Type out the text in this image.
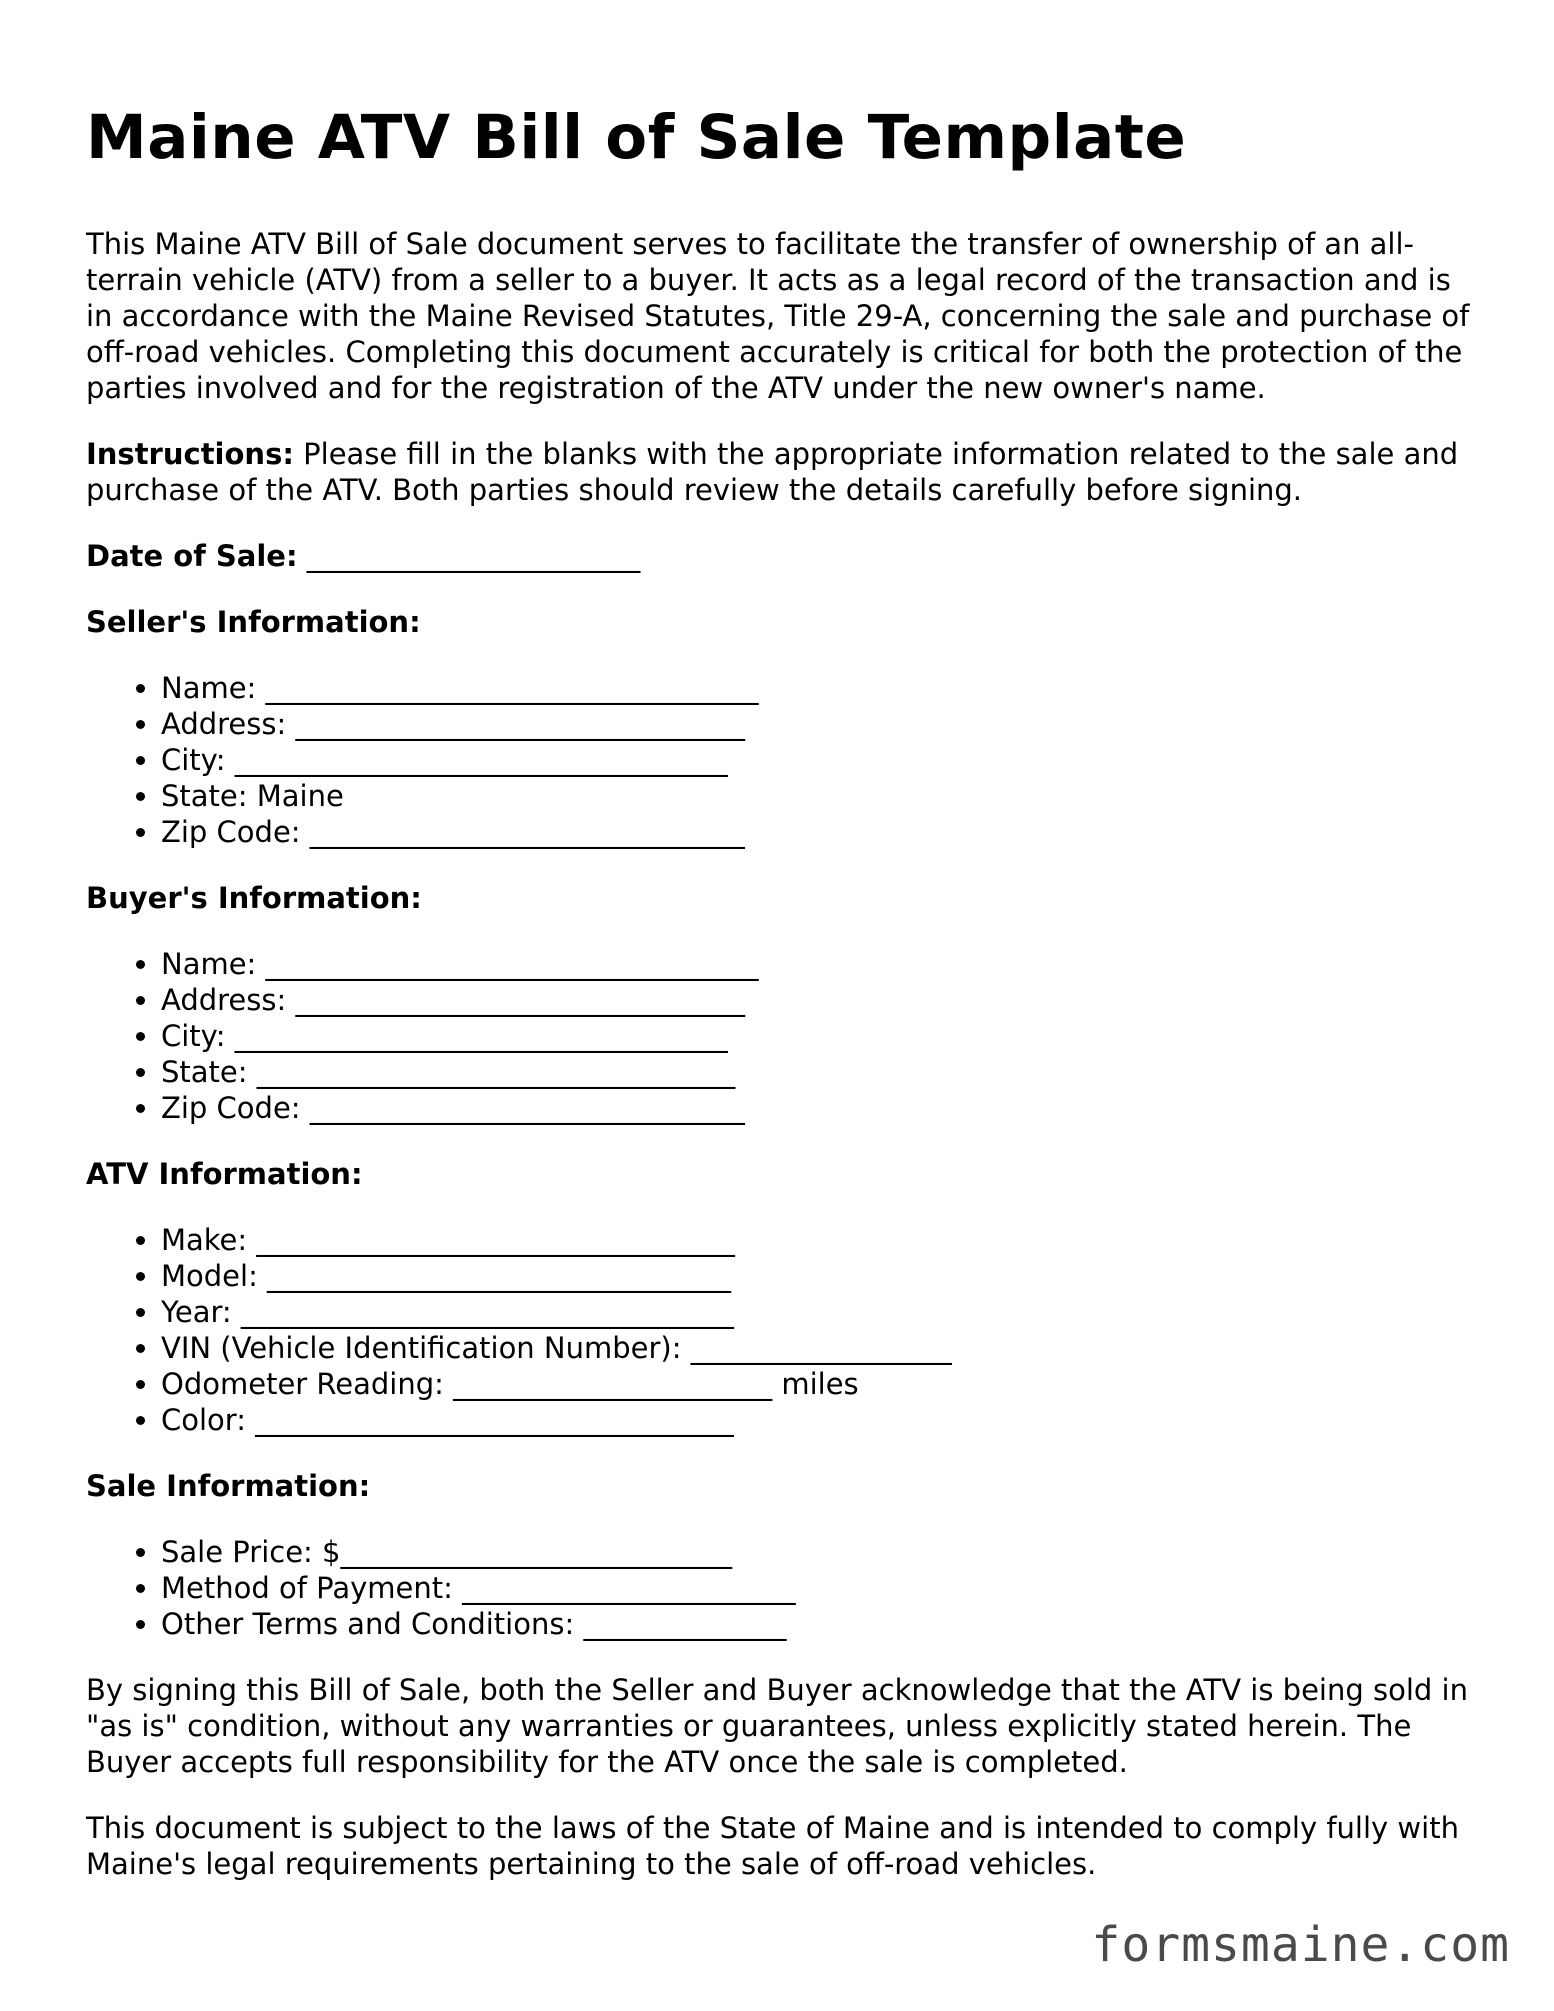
Maine ATV Bill of Sale Template

This Maine ATV Bill of Sale document serves to facilitate the transfer of ownership of an all-terrain vehicle (ATV) from a seller to a buyer. It acts as a legal record of the transaction and is in accordance with the Maine Revised Statutes, Title 29-A, concerning the sale and purchase of off-road vehicles. Completing this document accurately is critical for both the protection of the parties involved and for the registration of the ATV under the new owner's name.

Instructions: Please fill in the blanks with the appropriate information related to the sale and purchase of the ATV. Both parties should review the details carefully before signing.

Date of Sale: _______________________

Seller's Information:
• Name: __________________________________
• Address: _______________________________
• City: __________________________________
• State: Maine
• Zip Code: ______________________________
Buyer's Information:
• Name: __________________________________
• Address: _______________________________
• City: __________________________________
• State: _________________________________
• Zip Code: ______________________________
ATV Information:
• Make: _________________________________
• Model: ________________________________
• Year: __________________________________
• VIN (Vehicle Identification Number): __________________
• Odometer Reading: ______________________ miles
• Color: _________________________________
Sale Information:
• Sale Price: $___________________________
• Method of Payment: _______________________
• Other Terms and Conditions: ______________

By signing this Bill of Sale, both the Seller and Buyer acknowledge that the ATV is being sold in "as is" condition, without any warranties or guarantees, unless explicitly stated herein. The Buyer accepts full responsibility for the ATV once the sale is completed.

This document is subject to the laws of the State of Maine and is intended to comply fully with Maine's legal requirements pertaining to the sale of off-road vehicles.

formsmaine.com
